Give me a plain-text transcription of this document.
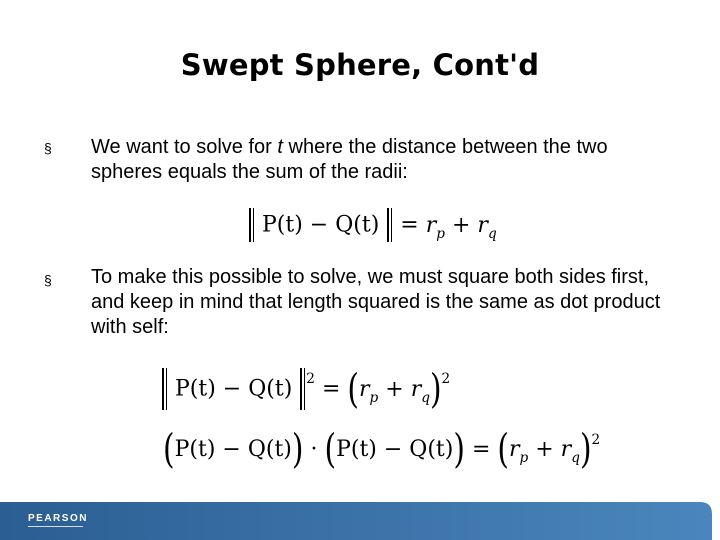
Swept Sphere, Cont'd
§ We want to solve for t where the distance between the two spheres equals the sum of the radii:
$P(t) - Q(t) = r_p + r_q$
§ To make this possible to solve, we must square both sides first, and keep in mind that length squared is the same as dot product with self:
P(t) − Q(t) $^2 = (r_p + r_q)^2$
$(P(t) - Q(t)) \cdot (P(t) - Q(t)) = (r_p + r_q)^2$
PEARSON
